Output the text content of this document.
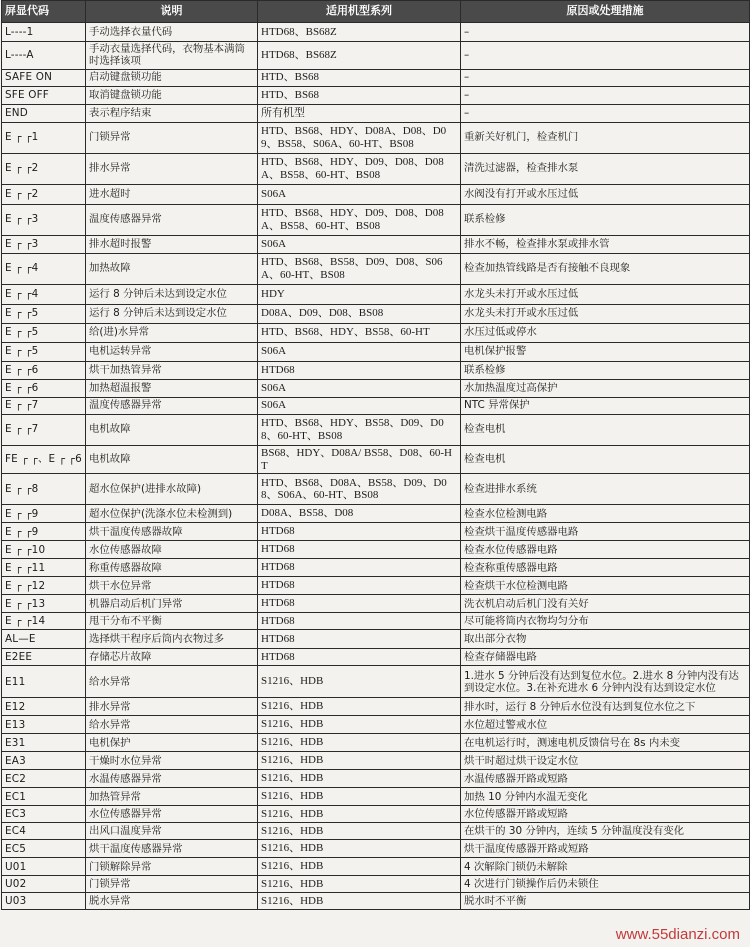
屏显代码	说明	适用机型系列	原因或处理措施
L----1	手动选择衣量代码	HTD68、BS68Z	–
L----A	手动衣量选择代码，衣物基本满筒时选择该项	HTD68、BS68Z	–
SAFE ON	启动键盘锁功能	HTD、BS68	–
SFE OFF	取消键盘锁功能	HTD、BS68	–
END	表示程序结束	所有机型	–
E ┌ ┌1	门锁异常	HTD、BS68、HDY、D08A、D08、D09、BS58、S06A、60-HT、BS08	重新关好机门，检查机门
E ┌ ┌2	排水异常	HTD、BS68、HDY、D09、D08、D08A、BS58、60-HT、BS08	清洗过滤器，检查排水泵
E ┌ ┌2	进水超时	S06A	水阀没有打开或水压过低
E ┌ ┌3	温度传感器异常	HTD、BS68、HDY、D09、D08、D08A、BS58、60-HT、BS08	联系检修
E ┌ ┌3	排水超时报警	S06A	排水不畅，检查排水泵或排水管
E ┌ ┌4	加热故障	HTD、BS68、BS58、D09、D08、S06A、60-HT、BS08	检查加热管线路是否有接触不良现象
E ┌ ┌4	运行 8 分钟后未达到设定水位	HDY	水龙头未打开或水压过低
E ┌ ┌5	运行 8 分钟后未达到设定水位	D08A、D09、D08、BS08	水龙头未打开或水压过低
E ┌ ┌5	给(进)水异常	HTD、BS68、HDY、BS58、60-HT	水压过低或停水
E ┌ ┌5	电机运转异常	S06A	电机保护报警
E ┌ ┌6	烘干加热管异常	HTD68	联系检修
E ┌ ┌6	加热超温报警	S06A	水加热温度过高保护
E ┌ ┌7	温度传感器异常	S06A	NTC 异常保护
E ┌ ┌7	电机故障	HTD、BS68、HDY、BS58、D09、D08、60-HT、BS08	检查电机
FE ┌ ┌、E ┌ ┌6	电机故障	BS68、HDY、D08A/ BS58、D08、60-HT	检查电机
E ┌ ┌8	超水位保护(进排水故障)	HTD、BS68、D08A、BS58、D09、D08、S06A、60-HT、BS08	检查进排水系统
E ┌ ┌9	超水位保护(洗涤水位未检测到)	D08A、BS58、D08	检查水位检测电路
E ┌ ┌9	烘干温度传感器故障	HTD68	检查烘干温度传感器电路
E ┌ ┌10	水位传感器故障	HTD68	检查水位传感器电路
E ┌ ┌11	称重传感器故障	HTD68	检查称重传感器电路
E ┌ ┌12	烘干水位异常	HTD68	检查烘干水位检测电路
E ┌ ┌13	机器启动后机门异常	HTD68	洗衣机启动后机门没有关好
E ┌ ┌14	甩干分布不平衡	HTD68	尽可能将筒内衣物均匀分布
AL—E	选择烘干程序后筒内衣物过多	HTD68	取出部分衣物
E2EE	存储芯片故障	HTD68	检查存储器电路
E11	给水异常	S1216、HDB	1.进水 5 分钟后没有达到复位水位。2.进水 8 分钟内没有达到设定水位。3.在补充进水 6 分钟内没有达到设定水位
E12	排水异常	S1216、HDB	排水时，运行 8 分钟后水位没有达到复位水位之下
E13	给水异常	S1216、HDB	水位超过警戒水位
E31	电机保护	S1216、HDB	在电机运行时，测速电机反馈信号在 8s 内未变
EA3	干燥时水位异常	S1216、HDB	烘干时超过烘干设定水位
EC2	水温传感器异常	S1216、HDB	水温传感器开路或短路
EC1	加热管异常	S1216、HDB	加热 10 分钟内水温无变化
EC3	水位传感器异常	S1216、HDB	水位传感器开路或短路
EC4	出风口温度异常	S1216、HDB	在烘干的 30 分钟内，连续 5 分钟温度没有变化
EC5	烘干温度传感器异常	S1216、HDB	烘干温度传感器开路或短路
U01	门锁解除异常	S1216、HDB	4 次解除门锁仍未解除
U02	门锁异常	S1216、HDB	4 次进行门锁操作后仍未锁住
U03	脱水异常	S1216、HDB	脱水时不平衡
www.55dianzi.com
